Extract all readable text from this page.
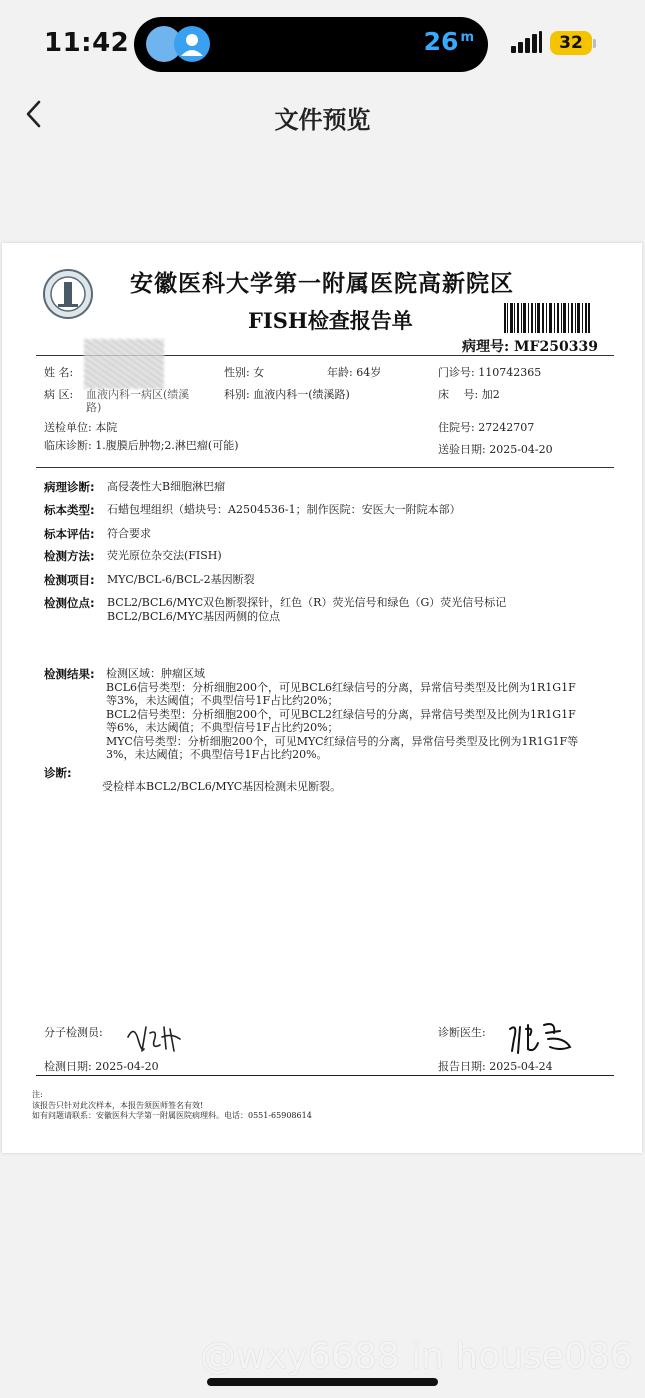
11:42	26 $^m$	32
文件预览
安徽医科大学第一附属医院高新院区
FISH检查报告单
病理号: MF250339
姓 名:	性别: 女	年龄: 64岁	门诊号: 110742365
病 区: 血液内科一病区(绩溪
路)
科别: 血液内科一(绩溪路)	床　 号: 加2
送检单位: 本院	住院号: 27242707
临床诊断: 1.腹膜后肿物;2.淋巴瘤(可能)	送验日期: 2025-04-20
病理诊断: 高侵袭性大B细胞淋巴瘤
标本类型: 石蜡包埋组织（蜡块号：A2504536-1；制作医院：安医大一附院本部）
标本评估: 符合要求
检测方法: 荧光原位杂交法(FISH)
检测项目: MYC/BCL-6/BCL-2基因断裂
检测位点: BCL2/BCL6/MYC双色断裂探针，红色（R）荧光信号和绿色（G）荧光信号标记BCL2/BCL6/MYC基因两侧的位点
检测结果: 检测区域：肿瘤区域
BCL6信号类型：分析细胞200个，可见BCL6红绿信号的分离，异常信号类型及比例为1R1G1F
等3%，未达阈值；不典型信号1F占比约20%；
BCL2信号类型：分析细胞200个，可见BCL2红绿信号的分离，异常信号类型及比例为1R1G1F
等6%，未达阈值；不典型信号1F占比约20%；
MYC信号类型：分析细胞200个，可见MYC红绿信号的分离，异常信号类型及比例为1R1G1F等
3%，未达阈值；不典型信号1F占比约20%。
诊断:
受检样本BCL2/BCL6/MYC基因检测未见断裂。
分子检测员:	诊断医生:
检测日期: 2025-04-20	报告日期: 2025-04-24
注:
该报告只针对此次样本，本报告须医师签名有效!
如有问题请联系：安徽医科大学第一附属医院病理科。电话：0551-65908614
@wxy6688 in house086
